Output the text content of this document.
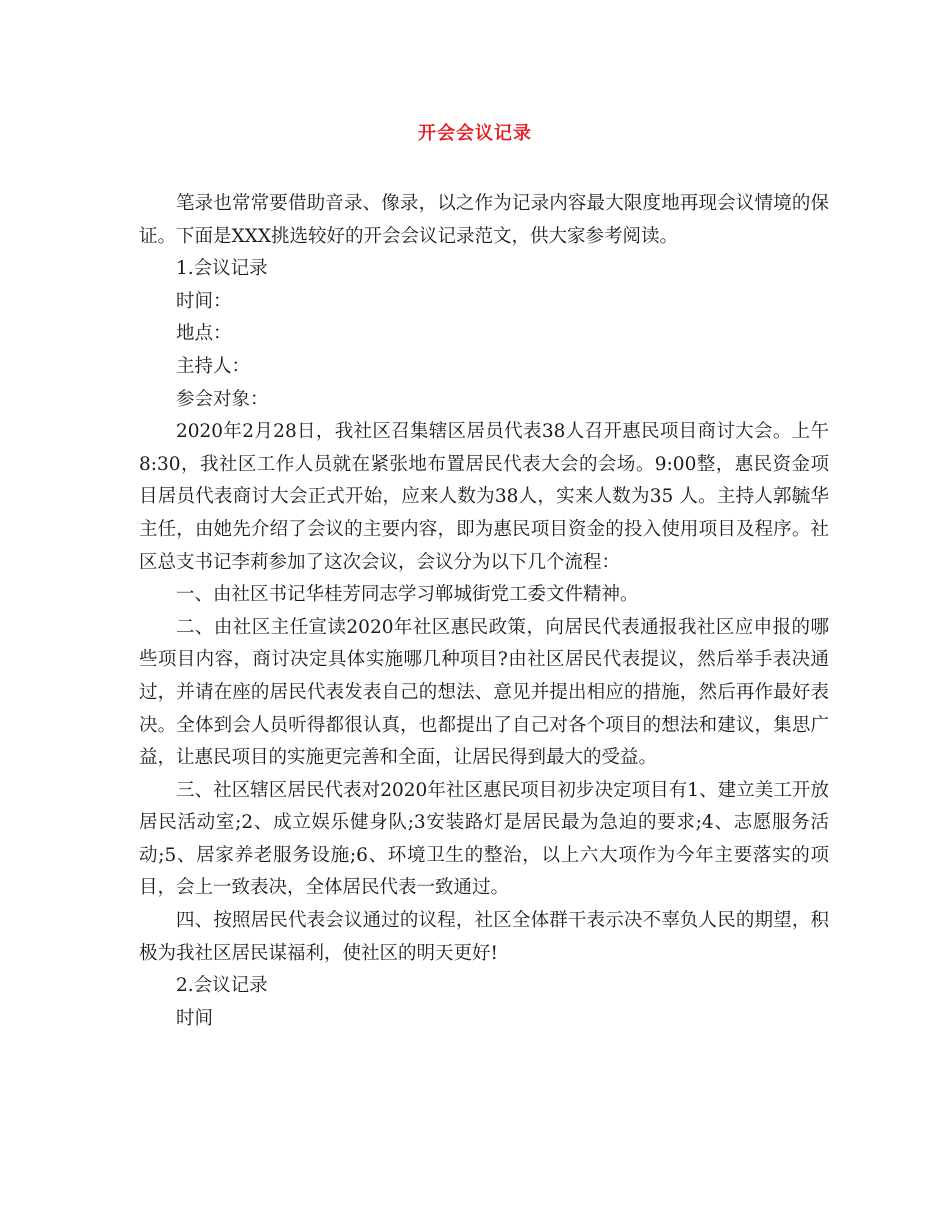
开会会议记录

笔录也常常要借助音录、像录，以之作为记录内容最大限度地再现会议情境的保证。下面是XXX挑选较好的开会会议记录范文，供大家参考阅读。

1.会议记录

时间：

地点：

主持人：

参会对象：

2020年2月28日，我社区召集辖区居员代表38人召开惠民项目商讨大会。上午8:30，我社区工作人员就在紧张地布置居民代表大会的会场。9:00整，惠民资金项目居员代表商讨大会正式开始，应来人数为38人，实来人数为35 人。主持人郭毓华主任，由她先介绍了会议的主要内容，即为惠民项目资金的投入使用项目及程序。社区总支书记李莉参加了这次会议，会议分为以下几个流程：

一、由社区书记华桂芳同志学习郸城街党工委文件精神。

二、由社区主任宣读2020年社区惠民政策，向居民代表通报我社区应申报的哪些项目内容，商讨决定具体实施哪几种项目?由社区居民代表提议，然后举手表决通过，并请在座的居民代表发表自己的想法、意见并提出相应的措施，然后再作最好表决。全体到会人员听得都很认真，也都提出了自己对各个项目的想法和建议，集思广益，让惠民项目的实施更完善和全面，让居民得到最大的受益。

三、社区辖区居民代表对2020年社区惠民项目初步决定项目有1、建立美工开放居民活动室;2、成立娱乐健身队;3安装路灯是居民最为急迫的要求;4、志愿服务活动;5、居家养老服务设施;6、环境卫生的整治，以上六大项作为今年主要落实的项目，会上一致表决，全体居民代表一致通过。

四、按照居民代表会议通过的议程，社区全体群干表示决不辜负人民的期望，积极为我社区居民谋福利，使社区的明天更好!

2.会议记录

时间
